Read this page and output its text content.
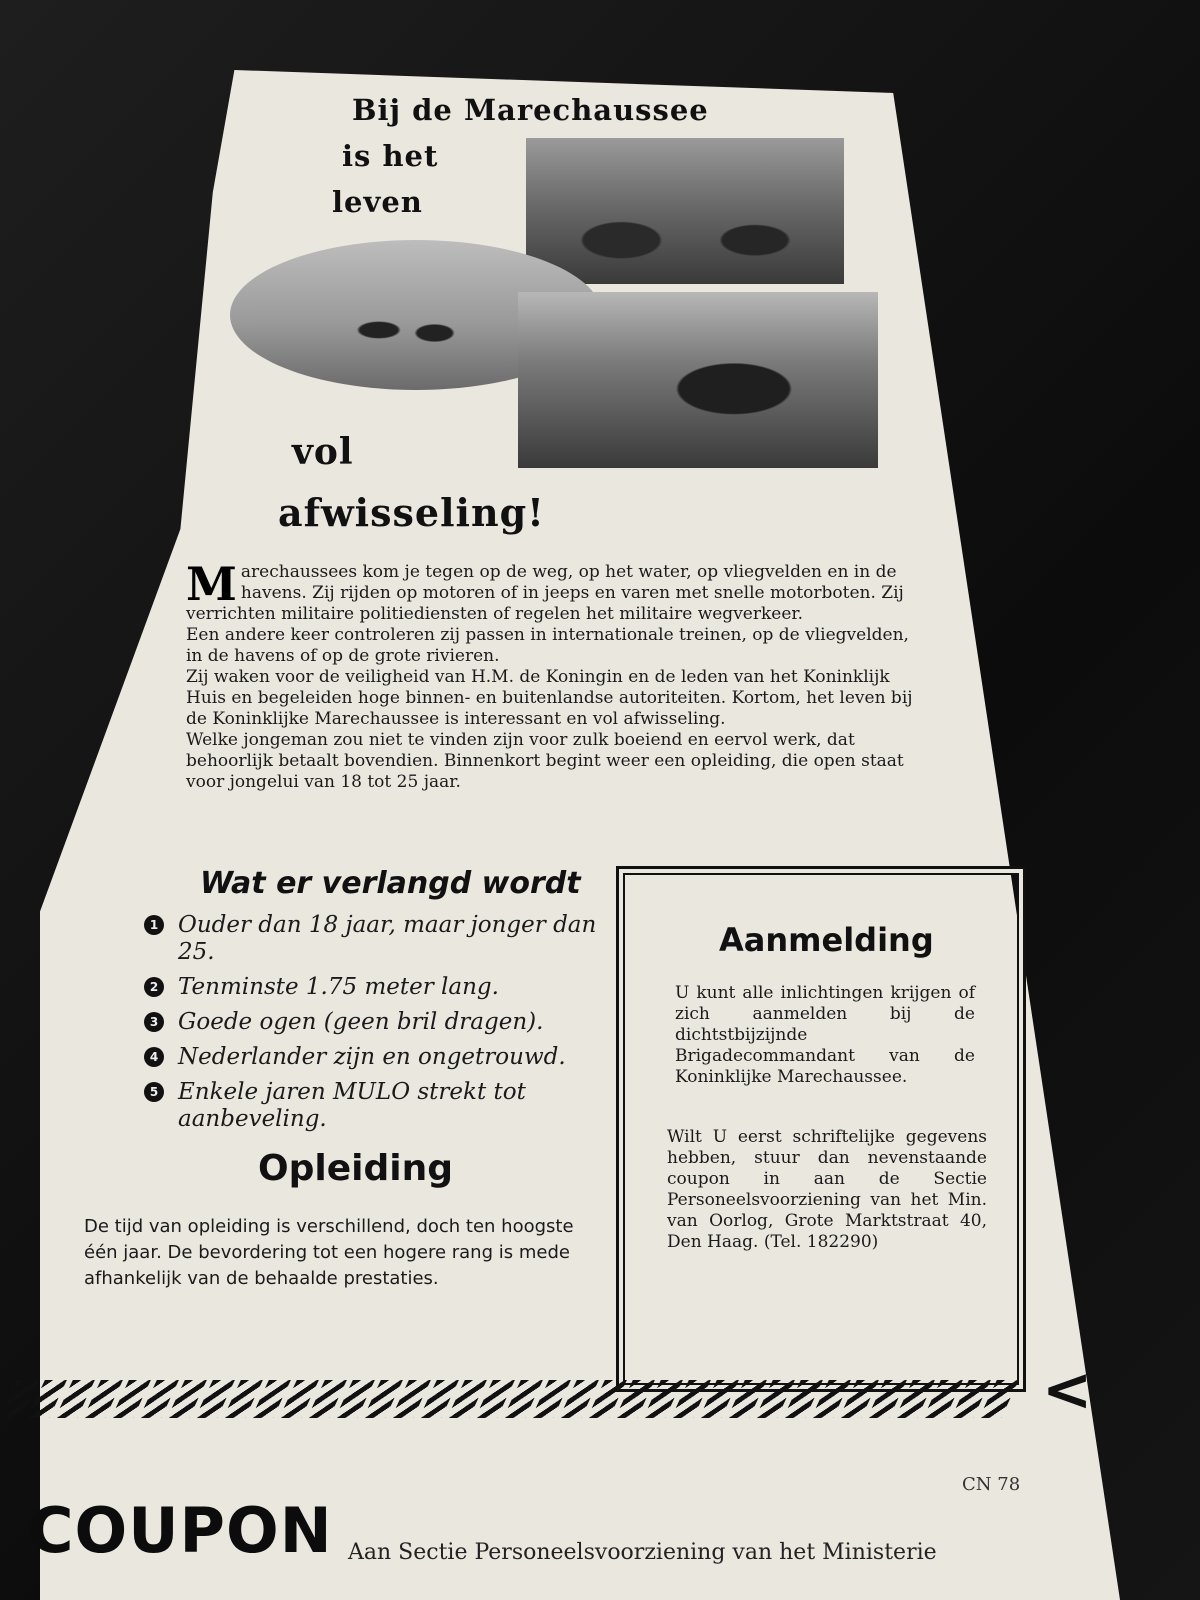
Bij de Marechaussee
is het
leven
vol
afwisseling!
M arechaussees kom je tegen op de weg, op het water, op vliegvelden en in de havens. Zij rijden op motoren of in jeeps en varen met snelle motorboten. Zij verrichten militaire politiediensten of regelen het militaire wegverkeer.
Een andere keer controleren zij passen in internationale treinen, op de vliegvelden, in de havens of op de grote rivieren.
Zij waken voor de veiligheid van H.M. de Koningin en de leden van het Koninklijk Huis en begeleiden hoge binnen- en buitenlandse autoriteiten. Kortom, het leven bij de Koninklijke Marechaussee is interessant en vol afwisseling.
Welke jongeman zou niet te vinden zijn voor zulk boeiend en eervol werk, dat behoorlijk betaalt bovendien. Binnenkort begint weer een opleiding, die open staat voor jongelui van 18 tot 25 jaar.

Wat er verlangd wordt
1 Ouder dan 18 jaar, maar jonger dan 25.
2 Tenminste 1.75 meter lang.
3 Goede ogen (geen bril dragen).
4 Nederlander zijn en ongetrouwd.
5 Enkele jaren MULO strekt tot aanbeveling.
Opleiding

De tijd van opleiding is verschillend, doch ten hoogste één jaar. De bevordering tot een hogere rang is mede afhankelijk van de behaalde prestaties.

Aanmelding

U kunt alle inlichtingen krijgen of zich aanmelden bij de dichtstbijzijnde Brigadecommandant van de Koninklijke Marechaussee.

Wilt U eerst schriftelijke gegevens hebben, stuur dan nevenstaande coupon in aan de Sectie Personeelsvoorziening van het Min. van Oorlog, Grote Marktstraat 40, Den Haag. (Tel. 182290)

<
CN 78
COUPON Aan Sectie Personeelsvoorziening van het Ministerie
